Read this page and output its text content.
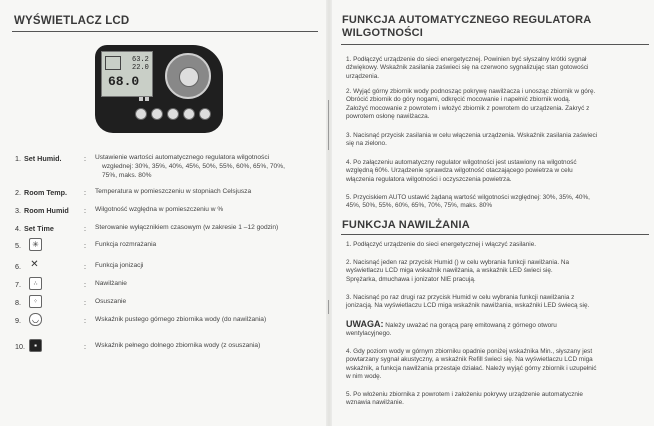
WYŚWIETLACZ LCD
63.2
22.0
68.0
1. Set Humid.	: Ustawienie wartości automatycznego regulatora wilgotności
wzglednej: 30%, 35%, 40%, 45%, 50%, 55%, 60%, 65%, 70%,
75%, maks. 80%
2. Room Temp. : Temperatura w pomieszczeniu w stopniach Celsjusza
3. Room Humid : Wilgotność względna w pomieszczeniu w %
4. Set Time	: Sterowanie wyłącznikiem czasowym (w zakresie 1 –12 godzin)
5.	✳	: Funkcja rozmrażania
6. ✕	: Funkcja jonizacji
7.	∴	: Nawilżanie
8.	⁘	: Osuszanie
9.	◡	: Wskaźnik pustego górnego zbiornika wody (do nawilżania)
10.	▪	: Wskaźnik pełnego dolnego zbiornika wody (z osuszania)
FUNKCJA AUTOMATYCZNEGO REGULATORA
WILGOTNOŚCI
1. Podłączyć urządzenie do sieci energetycznej. Powinien być słyszalny krótki sygnał
dźwiękowy. Wskaźnik zasilania zaświeci się na czerwono sygnalizując stan gotowości
urządzenia.
2. Wyjąć górny zbiornik wody podnosząc pokrywę nawilżacza i unosząc zbiornik w górę.
Obrócić zbiornik do góry nogami, odkręcić mocowanie i napełnić zbiornik wodą.
Założyć mocowanie z powrotem i włożyć zbiornik z powrotem do urządzenia. Zakryć z
powrotem osłonę nawilżacza.
3. Nacisnąć przycisk zasilania w celu włączenia urządzenia. Wskaźnik zasilania zaświeci
się na zielono.
4. Po załączeniu automatyczny regulator wilgotności jest ustawiony na wilgotność
względną 60%. Urządzenie sprawdza wilgotność otaczającego powietrza w celu
włączenia regulatora wilgotności i oczyszczenia powietrza.
5. Przyciskiem AUTO ustawić żądaną wartość wilgotności względnej: 30%, 35%, 40%,
45%, 50%, 55%, 60%, 65%, 70%, 75%, maks. 80%
FUNKCJA NAWILŻANIA
1. Podłączyć urządzenie do sieci energetycznej i włączyć zasilanie.
2. Nacisnąć jeden raz przycisk Humid () w celu wybrania funkcji nawilżania. Na
wyświetlaczu LCD miga wskaźnik nawilżania, a wskaźnik LED świeci się.
Sprężarka, dmuchawa i jonizator NIE pracują.
3. Nacisnąć po raz drugi raz przycisk Humid w celu wybrania funkcji nawilżania z
jonizacją. Na wyświetlaczu LCD miga wskaźnik nawilżania, wskaźniki LED świecą się.
UWAGA: Należy uważać na gorącą parę emitowaną z górnego otworu
wentylacyjnego.
4. Gdy poziom wody w górnym zbiorniku opadnie poniżej wskaźnika Min., słyszany jest
powtarzany sygnał akustyczny, a wskaźnik Refill świeci się. Na wyświetlaczu LCD miga
wskaźnik, a funkcja nawilżania przestaje działać. Należy wyjąć górny zbiornik i uzupełnić
w nim wodę.
5. Po włożeniu zbiornika z powrotem i założeniu pokrywy urządzenie automatycznie
wznawia nawilżanie.
